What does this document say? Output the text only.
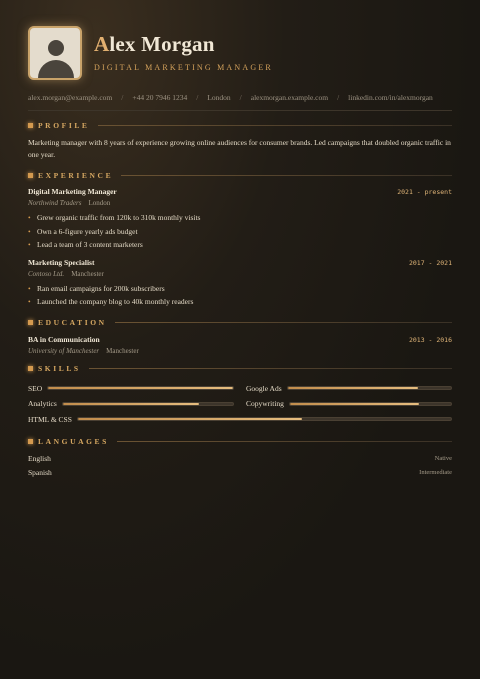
Alex Morgan
DIGITAL MARKETING MANAGER
alex.morgan@example.com / +44 20 7946 1234 / London / alexmorgan.example.com / linkedin.com/in/alexmorgan
PROFILE
Marketing manager with 8 years of experience growing online audiences for consumer brands. Led campaigns that doubled organic traffic in one year.
EXPERIENCE
Digital Marketing Manager	2021 - present
Northwind Traders London
• Grew organic traffic from 120k to 310k monthly visits
• Own a 6-figure yearly ads budget
• Lead a team of 3 content marketers
Marketing Specialist	2017 - 2021
Contoso Ltd. Manchester
• Ran email campaigns for 200k subscribers
• Launched the company blog to 40k monthly readers
EDUCATION
BA in Communication	2013 - 2016
University of Manchester Manchester
SKILLS
SEO	Google Ads
Analytics	Copywriting
HTML & CSS
LANGUAGES
English	Native
Spanish	Intermediate
